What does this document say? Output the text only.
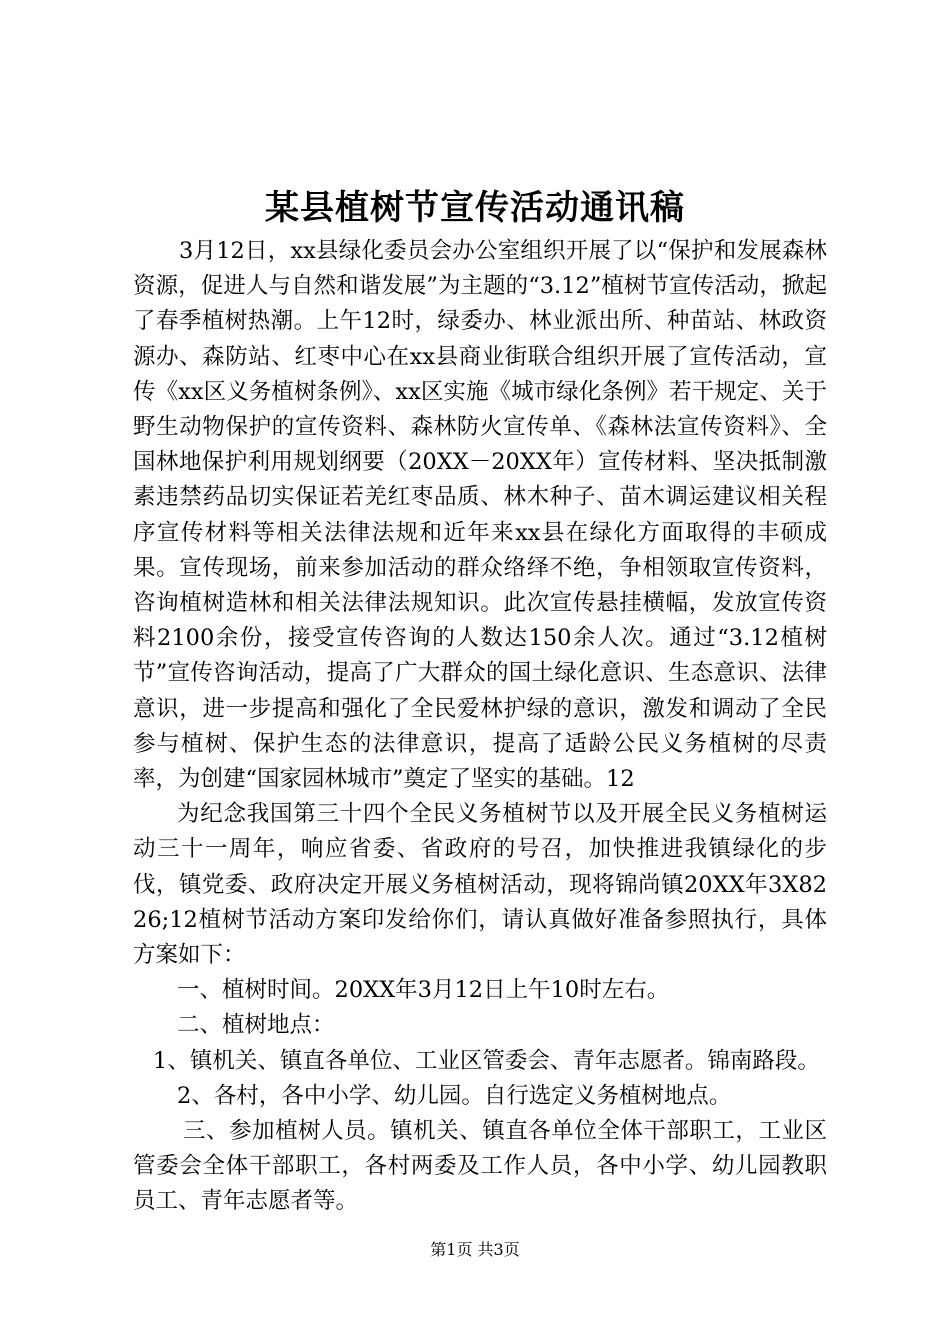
某县植树节宣传活动通讯稿

3月12日，xx县绿化委员会办公室组织开展了以“保护和发展森林资源，促进人与自然和谐发展”为主题的“3.12”植树节宣传活动，掀起了春季植树热潮。上午12时，绿委办、林业派出所、种苗站、林政资源办、森防站、红枣中心在xx县商业街联合组织开展了宣传活动，宣传《xx区义务植树条例》、xx区实施《城市绿化条例》若干规定、关于野生动物保护的宣传资料、森林防火宣传单、《森林法宣传资料》、全国林地保护利用规划纲要（20XX－20XX年）宣传材料、坚决抵制激素违禁药品切实保证若羌红枣品质、林木种子、苗木调运建议相关程序宣传材料等相关法律法规和近年来xx县在绿化方面取得的丰硕成果。宣传现场，前来参加活动的群众络绎不绝，争相领取宣传资料，咨询植树造林和相关法律法规知识。此次宣传悬挂横幅，发放宣传资料2100余份，接受宣传咨询的人数达150余人次。通过“3.12植树节”宣传咨询活动，提高了广大群众的国土绿化意识、生态意识、法律意识，进一步提高和强化了全民爱林护绿的意识，激发和调动了全民参与植树、保护生态的法律意识，提高了适龄公民义务植树的尽责率，为创建“国家园林城市”奠定了坚实的基础。12

为纪念我国第三十四个全民义务植树节以及开展全民义务植树运动三十一周年，响应省委、省政府的号召，加快推进我镇绿化的步伐，镇党委、政府决定开展义务植树活动，现将锦尚镇20XX年3X8226;12植树节活动方案印发给你们，请认真做好准备参照执行，具体方案如下：

一、植树时间。20XX年3月12日上午10时左右。

二、植树地点：

1、镇机关、镇直各单位、工业区管委会、青年志愿者。锦南路段。

2、各村，各中小学、幼儿园。自行选定义务植树地点。

三、参加植树人员。镇机关、镇直各单位全体干部职工，工业区管委会全体干部职工，各村两委及工作人员，各中小学、幼儿园教职员工、青年志愿者等。

第1页 共3页
